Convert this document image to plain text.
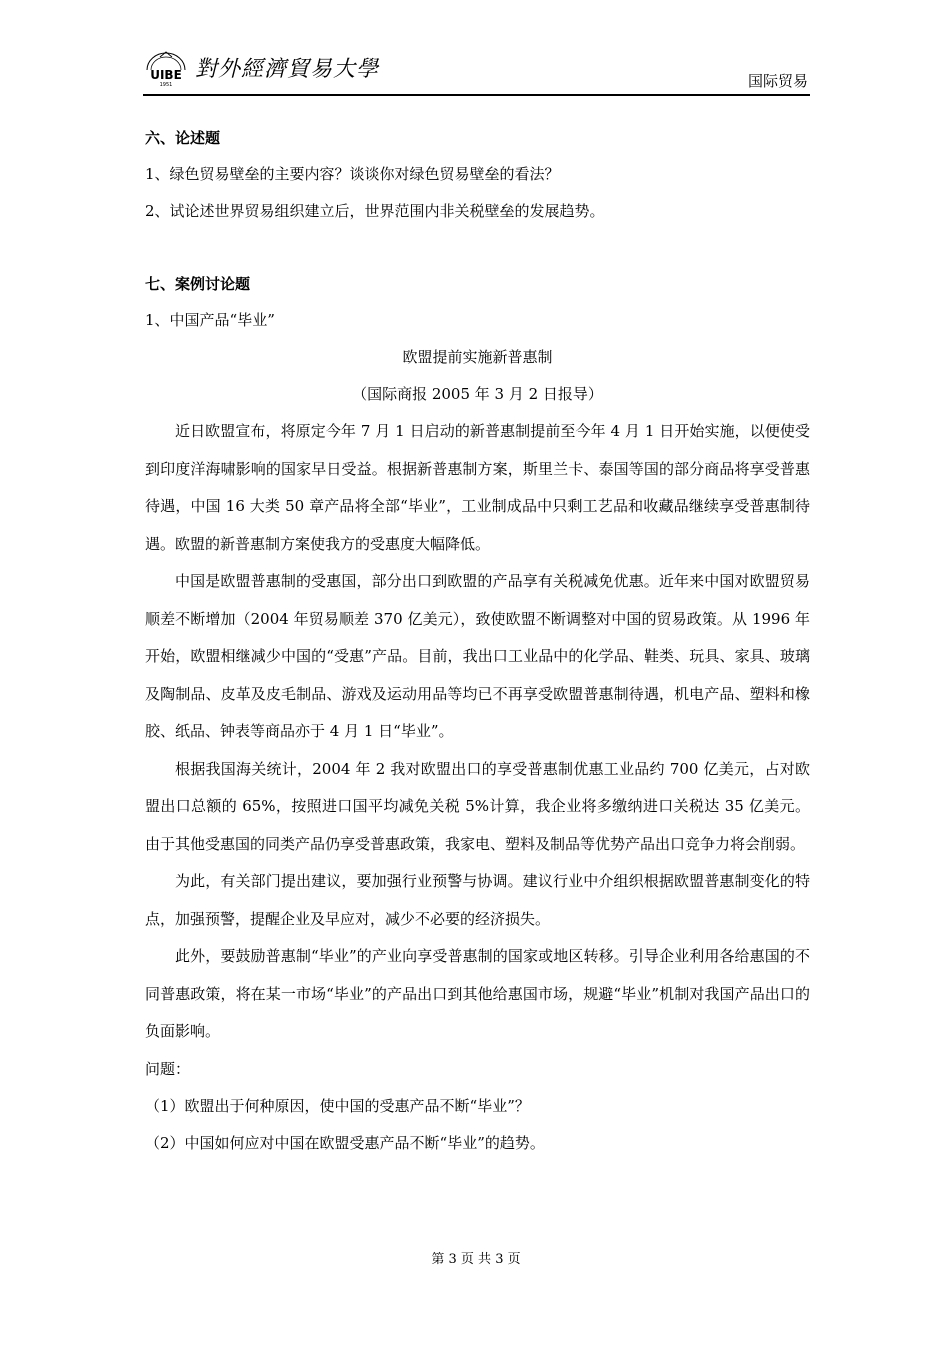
UIBE
1951
對外經濟貿易大學	国际贸易
六、论述题
1、绿色贸易壁垒的主要内容？谈谈你对绿色贸易壁垒的看法？
2、试论述世界贸易组织建立后，世界范围内非关税壁垒的发展趋势。
七、案例讨论题
1、中国产品“毕业”
欧盟提前实施新普惠制
（国际商报 2005 年 3 月 2 日报导）

近日欧盟宣布，将原定今年 7 月 1 日启动的新普惠制提前至今年 4 月 1 日开始实施，以便使受到印度洋海啸影响的国家早日受益。根据新普惠制方案，斯里兰卡、泰国等国的部分商品将享受普惠待遇，中国 16 大类 50 章产品将全部“毕业”，工业制成品中只剩工艺品和收藏品继续享受普惠制待遇。欧盟的新普惠制方案使我方的受惠度大幅降低。

中国是欧盟普惠制的受惠国，部分出口到欧盟的产品享有关税减免优惠。近年来中国对欧盟贸易顺差不断增加（2004 年贸易顺差 370 亿美元），致使欧盟不断调整对中国的贸易政策。从 1996 年开始，欧盟相继减少中国的“受惠”产品。目前，我出口工业品中的化学品、鞋类、玩具、家具、玻璃及陶制品、皮革及皮毛制品、游戏及运动用品等均已不再享受欧盟普惠制待遇，机电产品、塑料和橡胶、纸品、钟表等商品亦于 4 月 1 日“毕业”。

根据我国海关统计，2004 年 2 我对欧盟出口的享受普惠制优惠工业品约 700 亿美元，占对欧盟出口总额的 65%，按照进口国平均减免关税 5%计算，我企业将多缴纳进口关税达 35 亿美元。由于其他受惠国的同类产品仍享受普惠政策，我家电、塑料及制品等优势产品出口竞争力将会削弱。

为此，有关部门提出建议，要加强行业预警与协调。建议行业中介组织根据欧盟普惠制变化的特点，加强预警，提醒企业及早应对，减少不必要的经济损失。

此外，要鼓励普惠制“毕业”的产业向享受普惠制的国家或地区转移。引导企业利用各给惠国的不同普惠政策，将在某一市场“毕业”的产品出口到其他给惠国市场，规避“毕业”机制对我国产品出口的负面影响。

问题：
（1）欧盟出于何种原因，使中国的受惠产品不断“毕业”？
（2）中国如何应对中国在欧盟受惠产品不断“毕业”的趋势。
第 3 页 共 3 页
